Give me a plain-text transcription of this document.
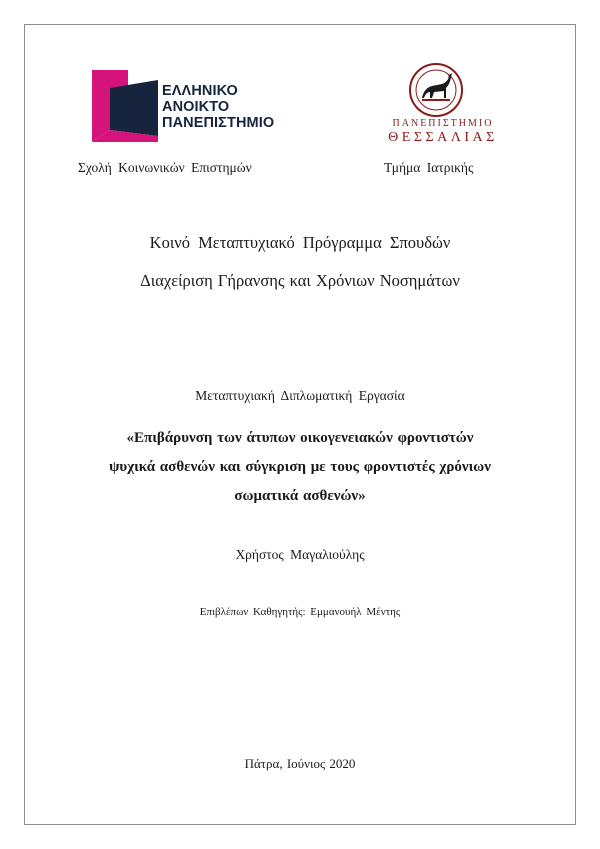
ΕΛΛΗΝΙΚΟ
ΑΝΟΙΚΤΟ
ΠΑΝΕΠΙΣΤΗΜΙΟ	ΠΑΝΕΠΙΣΤΗΜΙΟ
ΘΕΣΣΑΛΙΑΣ
Σχολή Κοινωνικών Επιστημών	Τμήμα Ιατρικής
Κοινό Μεταπτυχιακό Πρόγραμμα Σπουδών
Διαχείριση Γήρανσης και Χρόνιων Νοσημάτων
Μεταπτυχιακή Διπλωματική Εργασία
«Επιβάρυνση των άτυπων οικογενειακών φροντιστών
ψυχικά ασθενών και σύγκριση με τους φροντιστές χρόνιων
σωματικά ασθενών»
Χρήστος Μαγαλιούλης
Επιβλέπων Καθηγητής: Εμμανουήλ Μέντης
Πάτρα, Ιούνιος 2020
